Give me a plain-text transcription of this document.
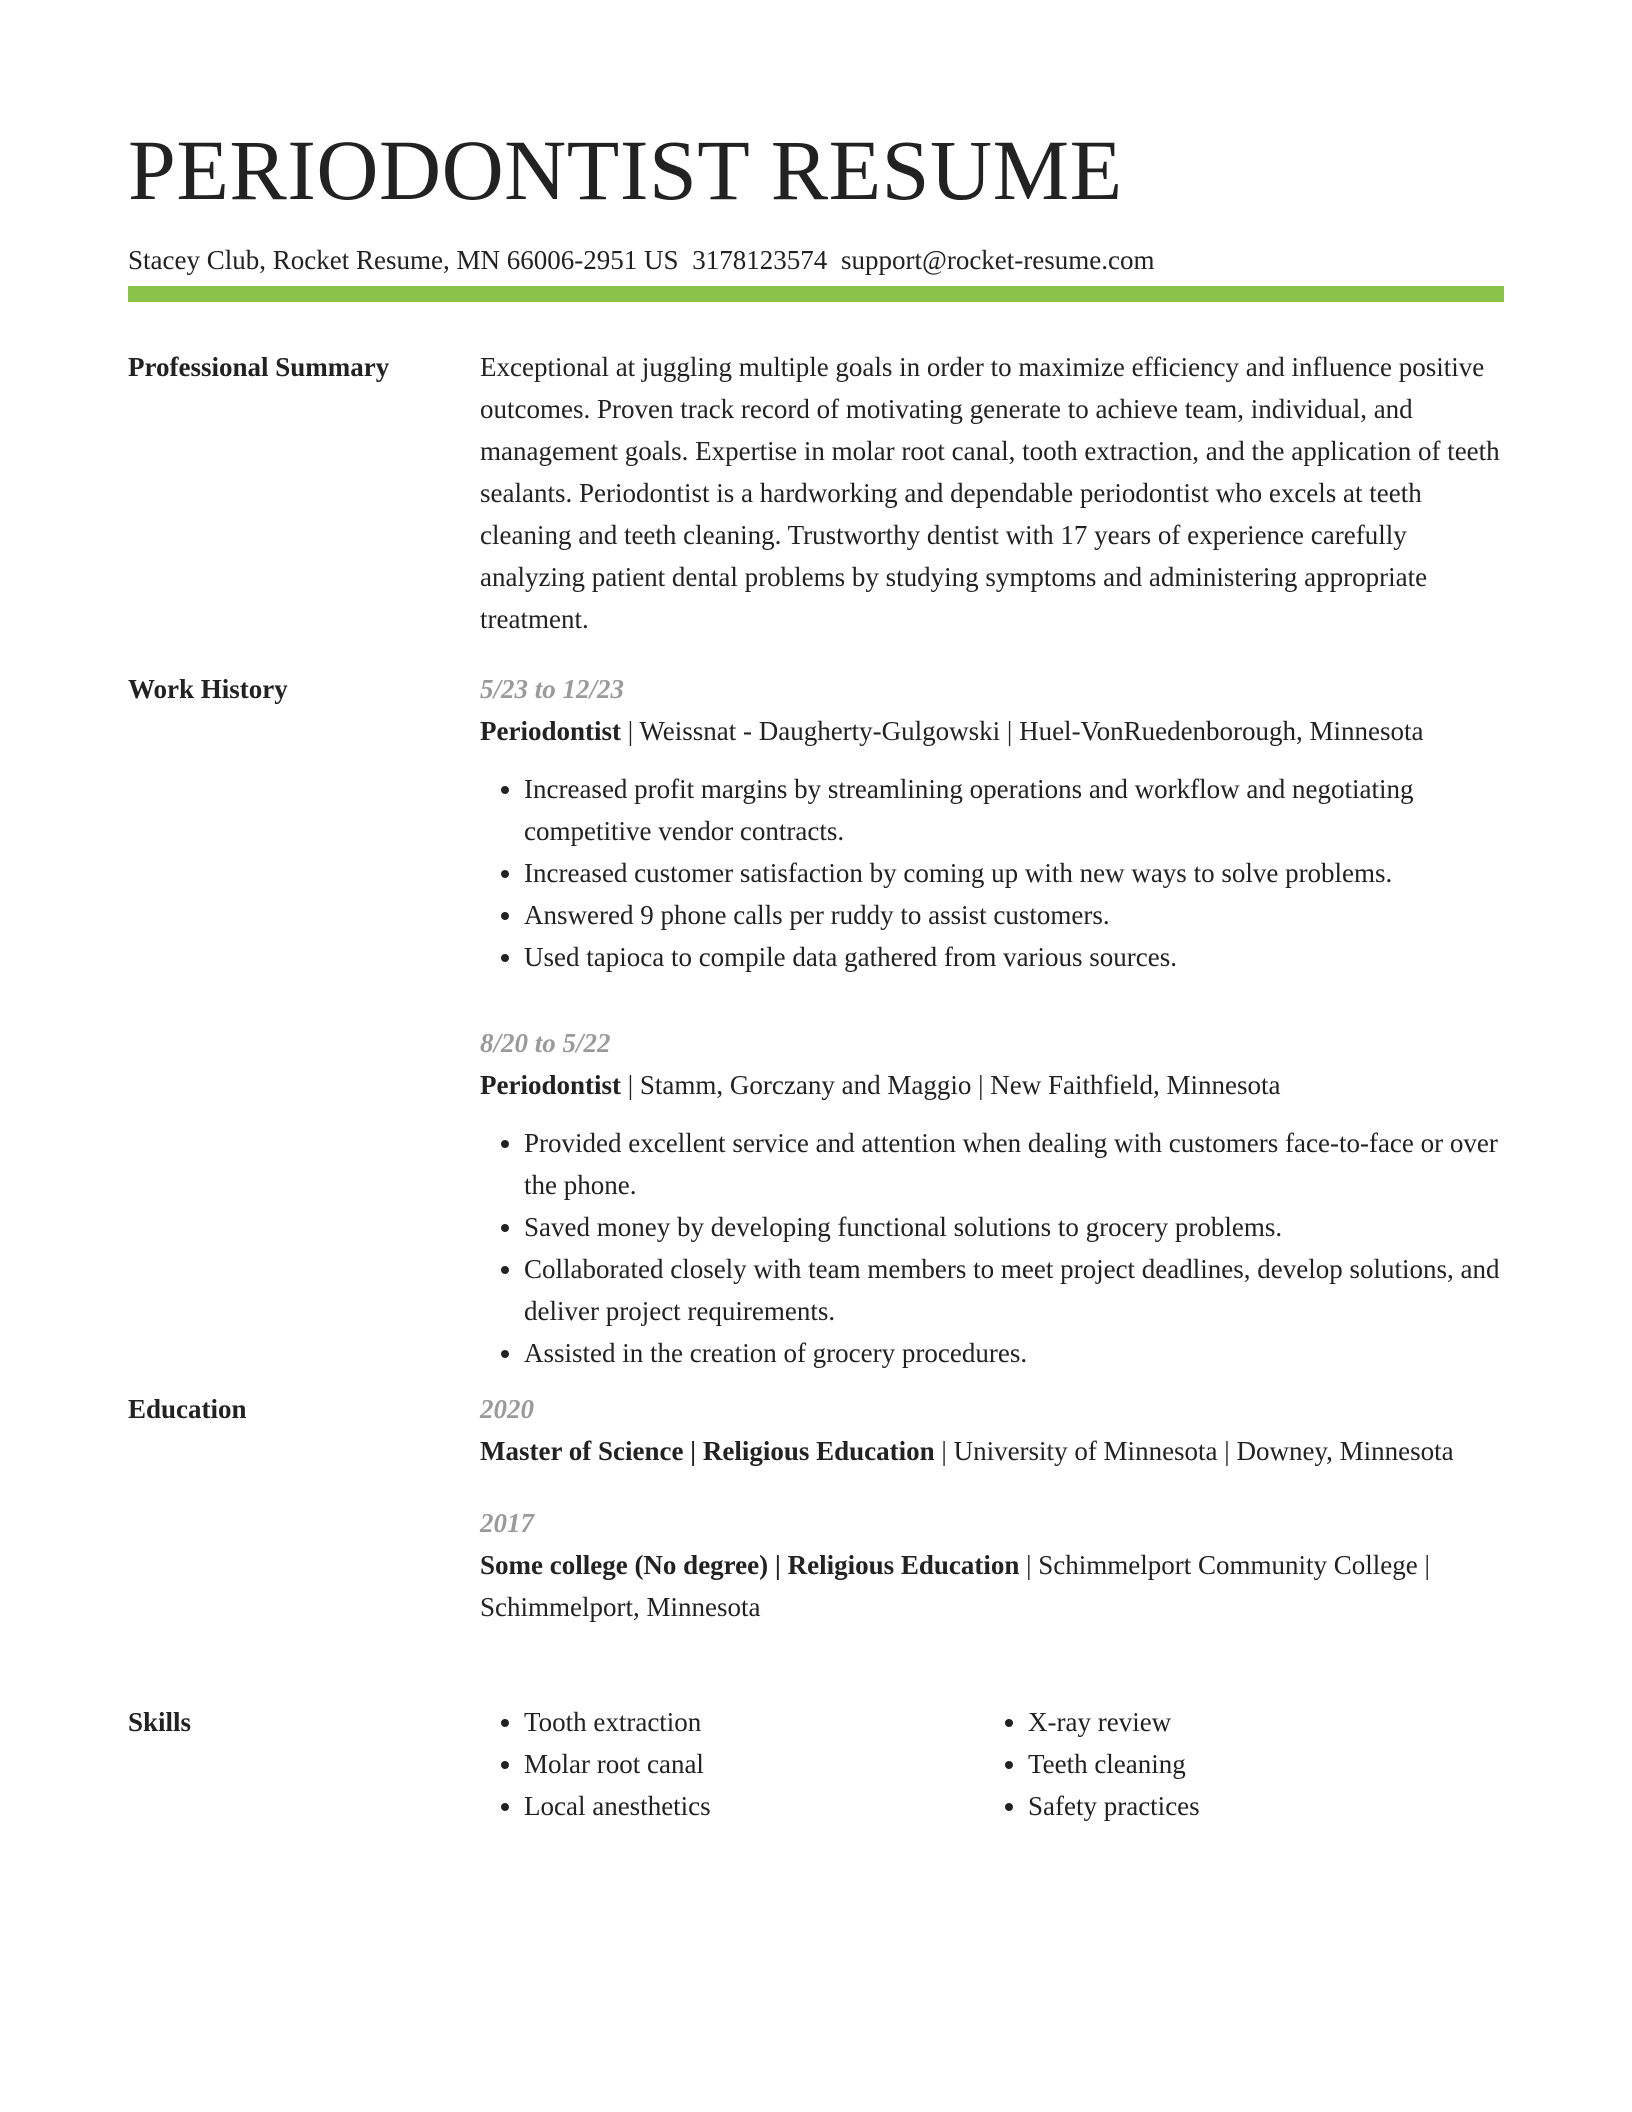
PERIODONTIST RESUME
Stacey Club, Rocket Resume, MN 66006-2951 US 3178123574 support@rocket-resume.com
Professional Summary	Exceptional at juggling multiple goals in order to maximize efficiency and influence positive outcomes. Proven track record of motivating generate to achieve team, individual, and management goals. Expertise in molar root canal, tooth extraction, and the application of teeth sealants. Periodontist is a hardworking and dependable periodontist who excels at teeth cleaning and teeth cleaning. Trustworthy dentist with 17 years of experience carefully analyzing patient dental problems by studying symptoms and administering appropriate treatment.

Work History	5/23 to 12/23
Periodontist | Weissnat - Daugherty-Gulgowski | Huel-VonRuedenborough, Minnesota
• Increased profit margins by streamlining operations and workflow and negotiating competitive vendor contracts.
• Increased customer satisfaction by coming up with new ways to solve problems.
• Answered 9 phone calls per ruddy to assist customers.
• Used tapioca to compile data gathered from various sources.
8/20 to 5/22
Periodontist | Stamm, Gorczany and Maggio | New Faithfield, Minnesota
• Provided excellent service and attention when dealing with customers face-to-face or over the phone.
• Saved money by developing functional solutions to grocery problems.
• Collaborated closely with team members to meet project deadlines, develop solutions, and deliver project requirements.
• Assisted in the creation of grocery procedures.
Education	2020
Master of Science | Religious Education | University of Minnesota | Downey, Minnesota
2017
Some college (No degree) | Religious Education | Schimmelport Community College | Schimmelport, Minnesota
Skills
•	Tooth extraction
• Molar root canal
• Local anesthetics
• X-ray review
• Teeth cleaning
• Safety practices
